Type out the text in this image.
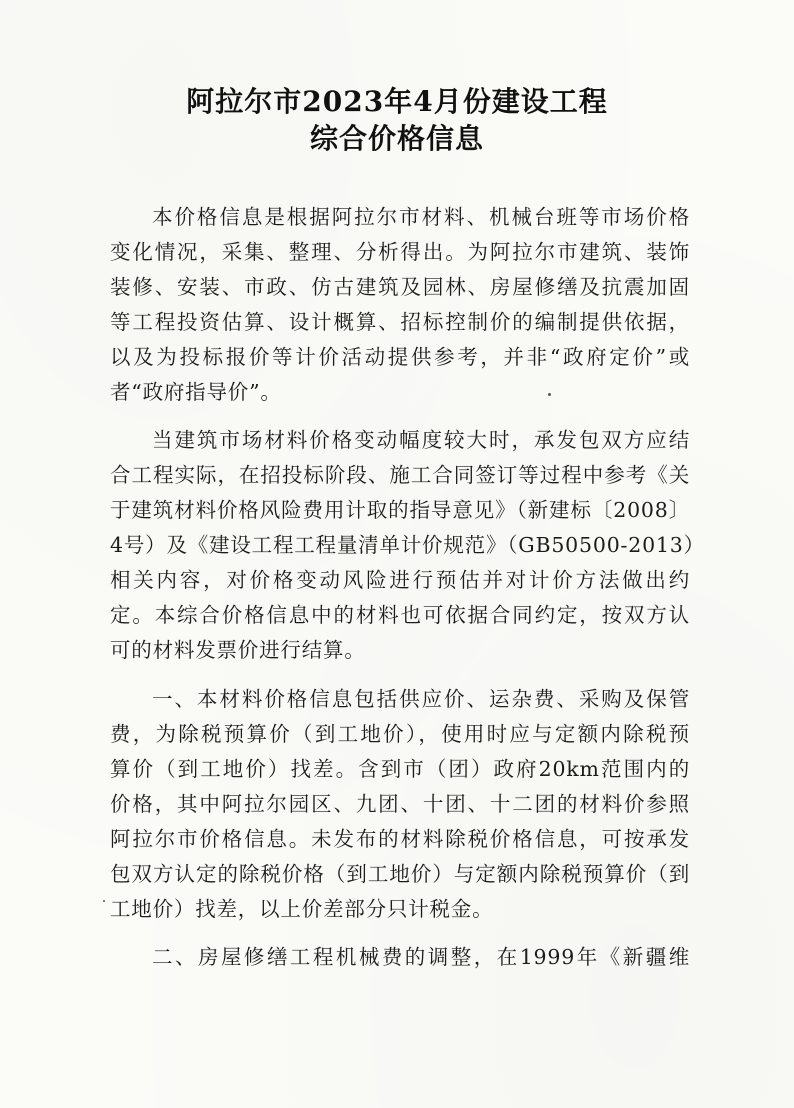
阿拉尔市2023年4月份建设工程
综合价格信息
本价格信息是根据阿拉尔市材料、机械台班等市场价格
变化情况，采集、整理、分析得出。为阿拉尔市建筑、装饰
装修、安装、市政、仿古建筑及园林、房屋修缮及抗震加固
等工程投资估算、设计概算、招标控制价的编制提供依据，
以及为投标报价等计价活动提供参考，并非“政府定价”或
者“政府指导价”。
当建筑市场材料价格变动幅度较大时，承发包双方应结
合工程实际，在招投标阶段、施工合同签订等过程中参考《关
于建筑材料价格风险费用计取的指导意见》（新建标〔2008〕
4号）及《建设工程工程量清单计价规范》（GB50500-2013）
相关内容，对价格变动风险进行预估并对计价方法做出约
定。本综合价格信息中的材料也可依据合同约定，按双方认
可的材料发票价进行结算。
一、本材料价格信息包括供应价、运杂费、采购及保管
费，为除税预算价（到工地价），使用时应与定额内除税预
算价（到工地价）找差。含到市（团）政府20km范围内的
价格，其中阿拉尔园区、九团、十团、十二团的材料价参照
阿拉尔市价格信息。未发布的材料除税价格信息，可按承发
包双方认定的除税价格（到工地价）与定额内除税预算价（到
工地价）找差，以上价差部分只计税金。
二、房屋修缮工程机械费的调整，在1999年《新疆维
